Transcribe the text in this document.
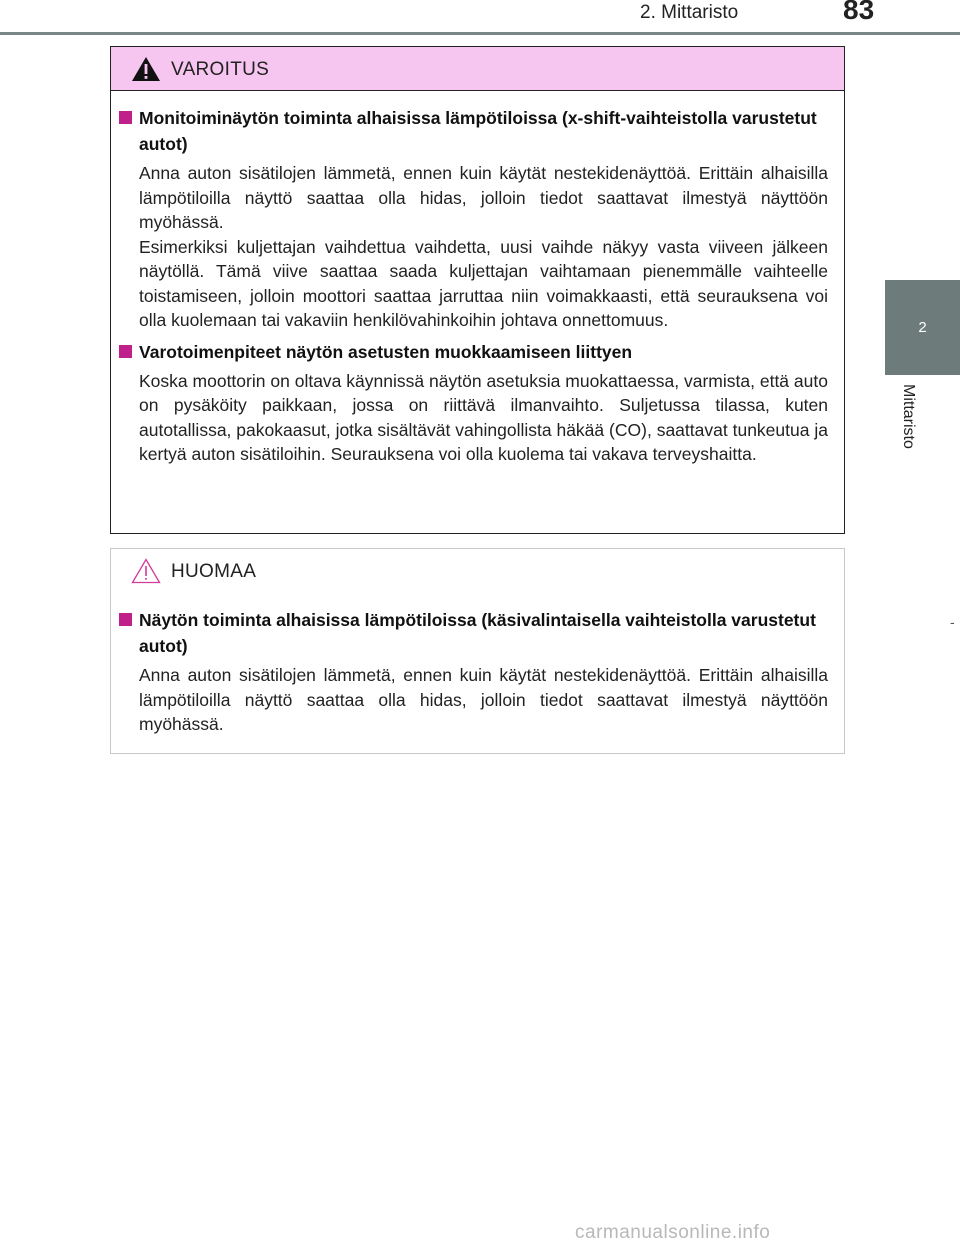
2. Mittaristo	83
2
Mittaristo
-
VAROITUS
Monitoiminäytön toiminta alhaisissa lämpötiloissa (x-shift-vaihteistolla varustetut autot)
Anna auton sisätilojen lämmetä, ennen kuin käytät nestekidenäyttöä. Erittäin alhaisilla lämpötiloilla näyttö saattaa olla hidas, jolloin tiedot saattavat ilmestyä näyttöön myöhässä.
Esimerkiksi kuljettajan vaihdettua vaihdetta, uusi vaihde näkyy vasta viiveen jälkeen näytöllä. Tämä viive saattaa saada kuljettajan vaihtamaan pienemmälle vaihteelle toistamiseen, jolloin moottori saattaa jarruttaa niin voimakkaasti, että seurauksena voi olla kuolemaan tai vakaviin henkilövahinkoihin johtava onnettomuus.
Varotoimenpiteet näytön asetusten muokkaamiseen liittyen
Koska moottorin on oltava käynnissä näytön asetuksia muokattaessa, varmista, että auto on pysäköity paikkaan, jossa on riittävä ilmanvaihto. Suljetussa tilassa, kuten autotallissa, pakokaasut, jotka sisältävät vahingollista häkää (CO), saattavat tunkeutua ja kertyä auton sisätiloihin. Seurauksena voi olla kuolema tai vakava terveyshaitta.
HUOMAA
Näytön toiminta alhaisissa lämpötiloissa (käsivalintaisella vaihteistolla varustetut autot)
Anna auton sisätilojen lämmetä, ennen kuin käytät nestekidenäyttöä. Erittäin alhaisilla lämpötiloilla näyttö saattaa olla hidas, jolloin tiedot saattavat ilmestyä näyttöön myöhässä.
carmanualsonline.info
